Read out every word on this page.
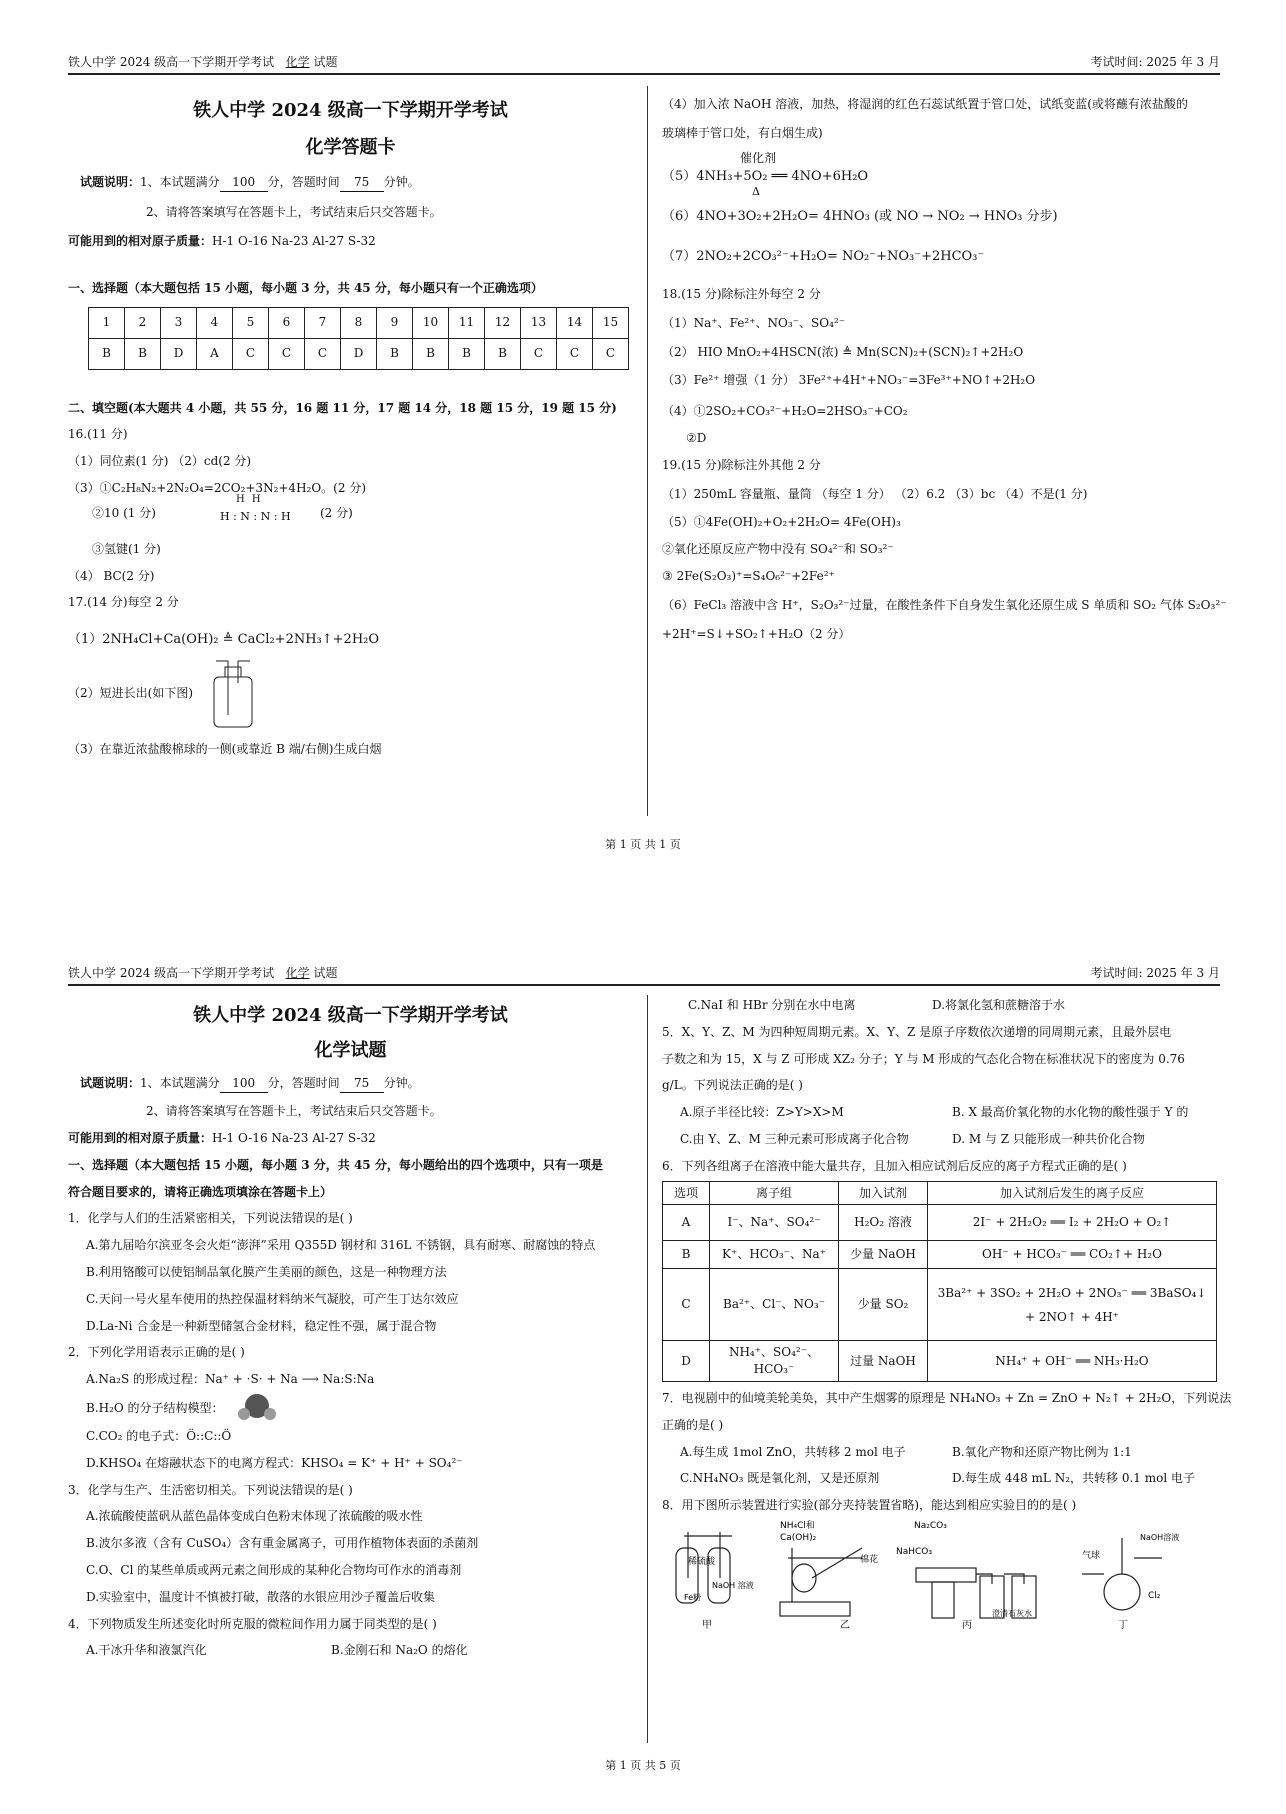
铁人中学 2024 级高一下学期开学考试 化学 试题	考试时间: 2025 年 3 月

铁人中学 2024 级高一下学期开学考试

化学答题卡

试题说明：1、本试题满分 100 分，答题时间 75 分钟。

2、请将答案填写在答题卡上，考试结束后只交答题卡。

可能用到的相对原子质量：H-1 O-16 Na-23 Al-27 S-32

一、选择题（本大题包括 15 小题，每小题 3 分，共 45 分，每小题只有一个正确选项）

1	2	3	4	5	6	7	8	9	10	11	12	13	14	15
B	B	D	A	C	C	C	D	B	B	B	B	C	C	C

二、填空题(本大题共 4 小题，共 55 分，16 题 11 分，17 题 14 分，18 题 15 分，19 题 15 分)

16.(11 分)

（1）同位素(1 分) （2）cd(2 分)

（3）①C₂H₈N₂+2N₂O₄=2CO₂+3N₂+4H₂O。(2 分)

②10 (1 分)
H H
H : N : N : H (2 分)

③氢键(1 分)

（4） BC(2 分)

17.(14 分)每空 2 分

（1）2NH₄Cl+Ca(OH)₂ ≜ CaCl₂+2NH₃↑+2H₂O

（2）短进长出(如下图)

（3）在靠近浓盐酸棉球的一侧(或靠近 B 端/右侧)生成白烟

（4）加入浓 NaOH 溶液，加热，将湿润的红色石蕊试纸置于管口处，试纸变蓝(或将蘸有浓盐酸的

玻璃棒于管口处，有白烟生成)

催化剂
（5）4NH₃+5O₂ ══ 4NO+6H₂O
Δ

（6）4NO+3O₂+2H₂O= 4HNO₃ (或 NO → NO₂ → HNO₃ 分步)

（7）2NO₂+2CO₃²⁻+H₂O= NO₂⁻+NO₃⁻+2HCO₃⁻

18.(15 分)除标注外每空 2 分

（1）Na⁺、Fe²⁺、NO₃⁻、SO₄²⁻

（2） HIO MnO₂+4HSCN(浓) ≜ Mn(SCN)₂+(SCN)₂↑+2H₂O

（3）Fe²⁺ 增强（1 分） 3Fe²⁺+4H⁺+NO₃⁻=3Fe³⁺+NO↑+2H₂O

（4）①2SO₂+CO₃²⁻+H₂O=2HSO₃⁻+CO₂

②D

19.(15 分)除标注外其他 2 分

（1）250mL 容量瓶、量筒 （每空 1 分） （2）6.2 （3）bc （4）不是(1 分)

（5）①4Fe(OH)₂+O₂+2H₂O= 4Fe(OH)₃

②氧化还原反应产物中没有 SO₄²⁻和 SO₃²⁻

③ 2Fe(S₂O₃)⁺=S₄O₆²⁻+2Fe²⁺

（6）FeCl₃ 溶液中含 H⁺，S₂O₃²⁻过量，在酸性条件下自身发生氧化还原生成 S 单质和 SO₂ 气体 S₂O₃²⁻

+2H⁺=S↓+SO₂↑+H₂O（2 分）

第 1 页 共 1 页
铁人中学 2024 级高一下学期开学考试 化学 试题	考试时间: 2025 年 3 月

铁人中学 2024 级高一下学期开学考试

化学试题

试题说明：1、本试题满分 100 分，答题时间 75 分钟。

2、请将答案填写在答题卡上，考试结束后只交答题卡。

可能用到的相对原子质量：H-1 O-16 Na-23 Al-27 S-32

一、选择题（本大题包括 15 小题，每小题 3 分，共 45 分，每小题给出的四个选项中，只有一项是

符合题目要求的，请将正确选项填涂在答题卡上）

1．化学与人们的生活紧密相关，下列说法错误的是( )

A.第九届哈尔滨亚冬会火炬“澎湃”采用 Q355D 钢材和 316L 不锈钢，具有耐寒、耐腐蚀的特点

B.利用铬酸可以使铝制品氧化膜产生美丽的颜色，这是一种物理方法

C.天问一号火星车使用的热控保温材料纳米气凝胶，可产生丁达尔效应

D.La-Ni 合金是一种新型储氢合金材料，稳定性不强，属于混合物

2．下列化学用语表示正确的是( )

A.Na₂S 的形成过程：Na⁺ + ·S· + Na ⟶ Na:S:Na

B.H₂O 的分子结构模型：

C.CO₂ 的电子式：Ö::C::Ö

D.KHSO₄ 在熔融状态下的电离方程式：KHSO₄ = K⁺ + H⁺ + SO₄²⁻

3．化学与生产、生活密切相关。下列说法错误的是( )

A.浓硫酸使蓝矾从蓝色晶体变成白色粉末体现了浓硫酸的吸水性

B.波尔多液（含有 CuSO₄）含有重金属离子，可用作植物体表面的杀菌剂

C.O、Cl 的某些单质或两元素之间形成的某种化合物均可作水的消毒剂

D.实验室中，温度计不慎被打破，散落的水银应用沙子覆盖后收集

4．下列物质发生所述变化时所克服的微粒间作用力属于同类型的是( )

A.干冰升华和液氯汽化	B.金刚石和 Na₂O 的熔化

C.NaI 和 HBr 分别在水中电离	D.将氯化氢和蔗糖溶于水

5．X、Y、Z、M 为四种短周期元素。X、Y、Z 是原子序数依次递增的同周期元素，且最外层电

子数之和为 15，X 与 Z 可形成 XZ₂ 分子；Y 与 M 形成的气态化合物在标准状况下的密度为 0.76

g/L。下列说法正确的是( )

A.原子半径比较：Z>Y>X>M	B. X 最高价氧化物的水化物的酸性强于 Y 的

C.由 Y、Z、M 三种元素可形成离子化合物	D. M 与 Z 只能形成一种共价化合物

6．下列各组离子在溶液中能大量共存，且加入相应试剂后反应的离子方程式正确的是( )

选项	离子组	加入试剂	加入试剂后发生的离子反应
A	I⁻、Na⁺、SO₄²⁻	H₂O₂ 溶液	2I⁻ + 2H₂O₂ ══ I₂ + 2H₂O + O₂↑
B	K⁺、HCO₃⁻、Na⁺	少量 NaOH	OH⁻ + HCO₃⁻ ══ CO₂↑+ H₂O
C	Ba²⁺、Cl⁻、NO₃⁻	少量 SO₂	3Ba²⁺ + 3SO₂ + 2H₂O + 2NO₃⁻ ══ 3BaSO₄↓ + 2NO↑ + 4H⁺
D	NH₄⁺、SO₄²⁻、HCO₃⁻	过量 NaOH	NH₄⁺ + OH⁻ ══ NH₃·H₂O

7．电视剧中的仙境美轮美奂，其中产生烟雾的原理是 NH₄NO₃ + Zn = ZnO + N₂↑ + 2H₂O，下列说法

正确的是( )

A.每生成 1mol ZnO，共转移 2 mol 电子	B.氧化产物和还原产物比例为 1:1

C.NH₄NO₃ 既是氧化剂，又是还原剂	D.每生成 448 mL N₂，共转移 0.1 mol 电子

8．用下图所示装置进行实验(部分夹持装置省略)，能达到相应实验目的的是( )

稀硫酸
NaOH 溶液
Fe粉
甲
NH₄Cl和
Ca(OH)₂
棉花
乙
Na₂CO₃
NaHCO₃
澄清石灰水
丙
气球
NaOH溶液
Cl₂
丁
第 1 页 共 5 页
